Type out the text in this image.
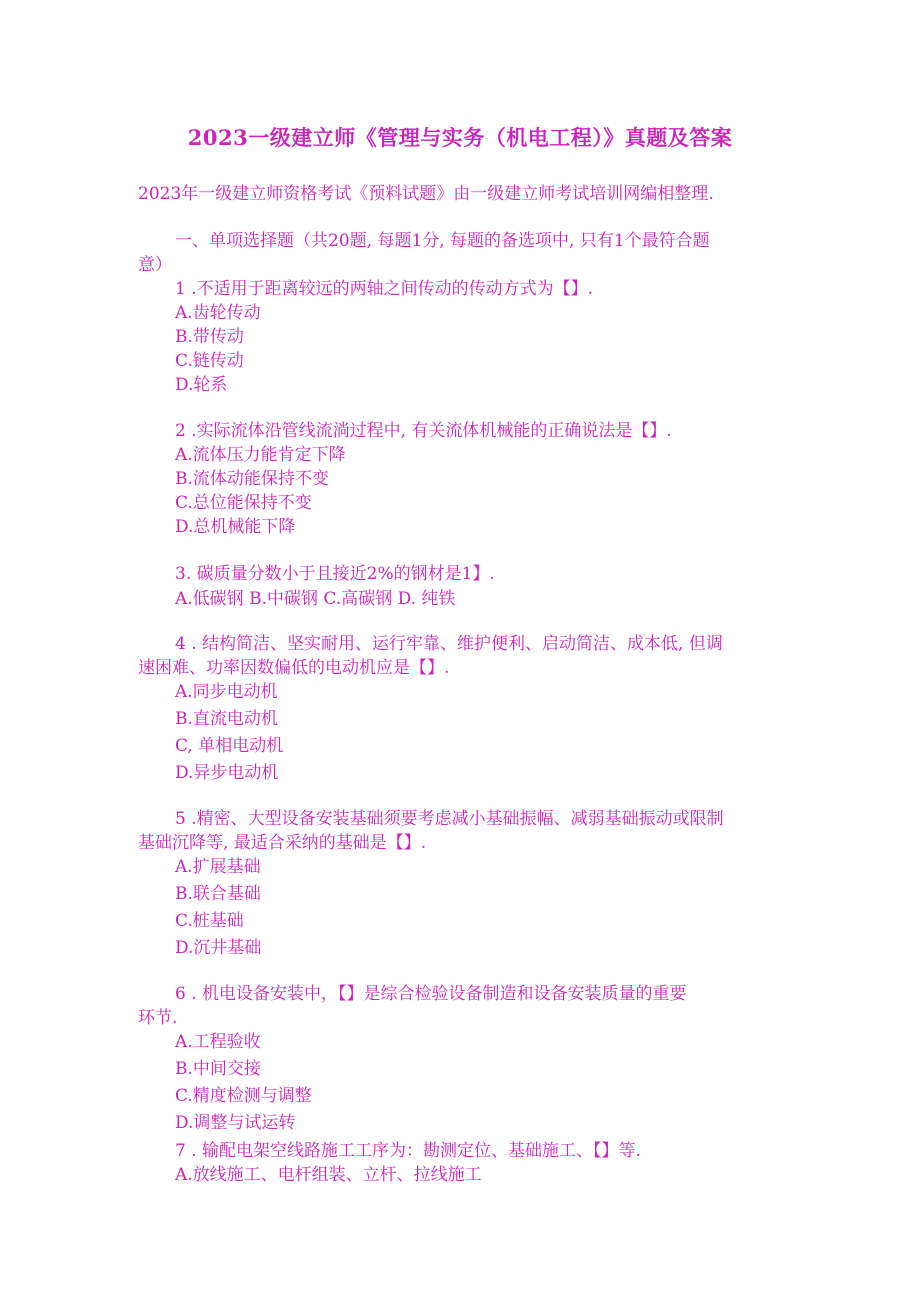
2023一级建立师《管理与实务（机电工程）》真题及答案
2023年一级建立师资格考试《预料试题》由一级建立师考试培训网编相整理.
一、单项选择题（共20题, 每题1分, 每题的备选项中, 只有1个最符合题
意）
1 .不适用于距离较远的两轴之间传动的传动方式为【】.
A.齿轮传动
B.带传动
C.链传动
D.轮系
2 .实际流体沿管线流淌过程中, 有关流体机械能的正确说法是【】.
A.流体压力能肯定下降
B.流体动能保持不变
C.总位能保持不变
D.总机械能下降
3. 碳质量分数小于且接近2%的钢材是1】.
A.低碳钢 B.中碳钢 C.高碳钢 D. 纯铁
4 . 结构简洁、坚实耐用、运行牢靠、维护便利、启动简洁、成本低, 但调
速困难、功率因数偏低的电动机应是【】.
A.同步电动机
B.直流电动机
C, 单相电动机
D.异步电动机
5 .精密、大型设备安装基础须要考虑减小基础振幅、减弱基础振动或限制
基础沉降等, 最适合采纳的基础是【】.
A.扩展基础
B.联合基础
C.桩基础
D.沉井基础
6 . 机电设备安装中，【】是综合检验设备制造和设备安装质量的重要
环节.
A.工程验收
B.中间交接
C.精度检测与调整
D.调整与试运转
7 . 输配电架空线路施工工序为：勘测定位、基础施工、【】等.
A.放线施工、电杆组装、立杆、拉线施工
